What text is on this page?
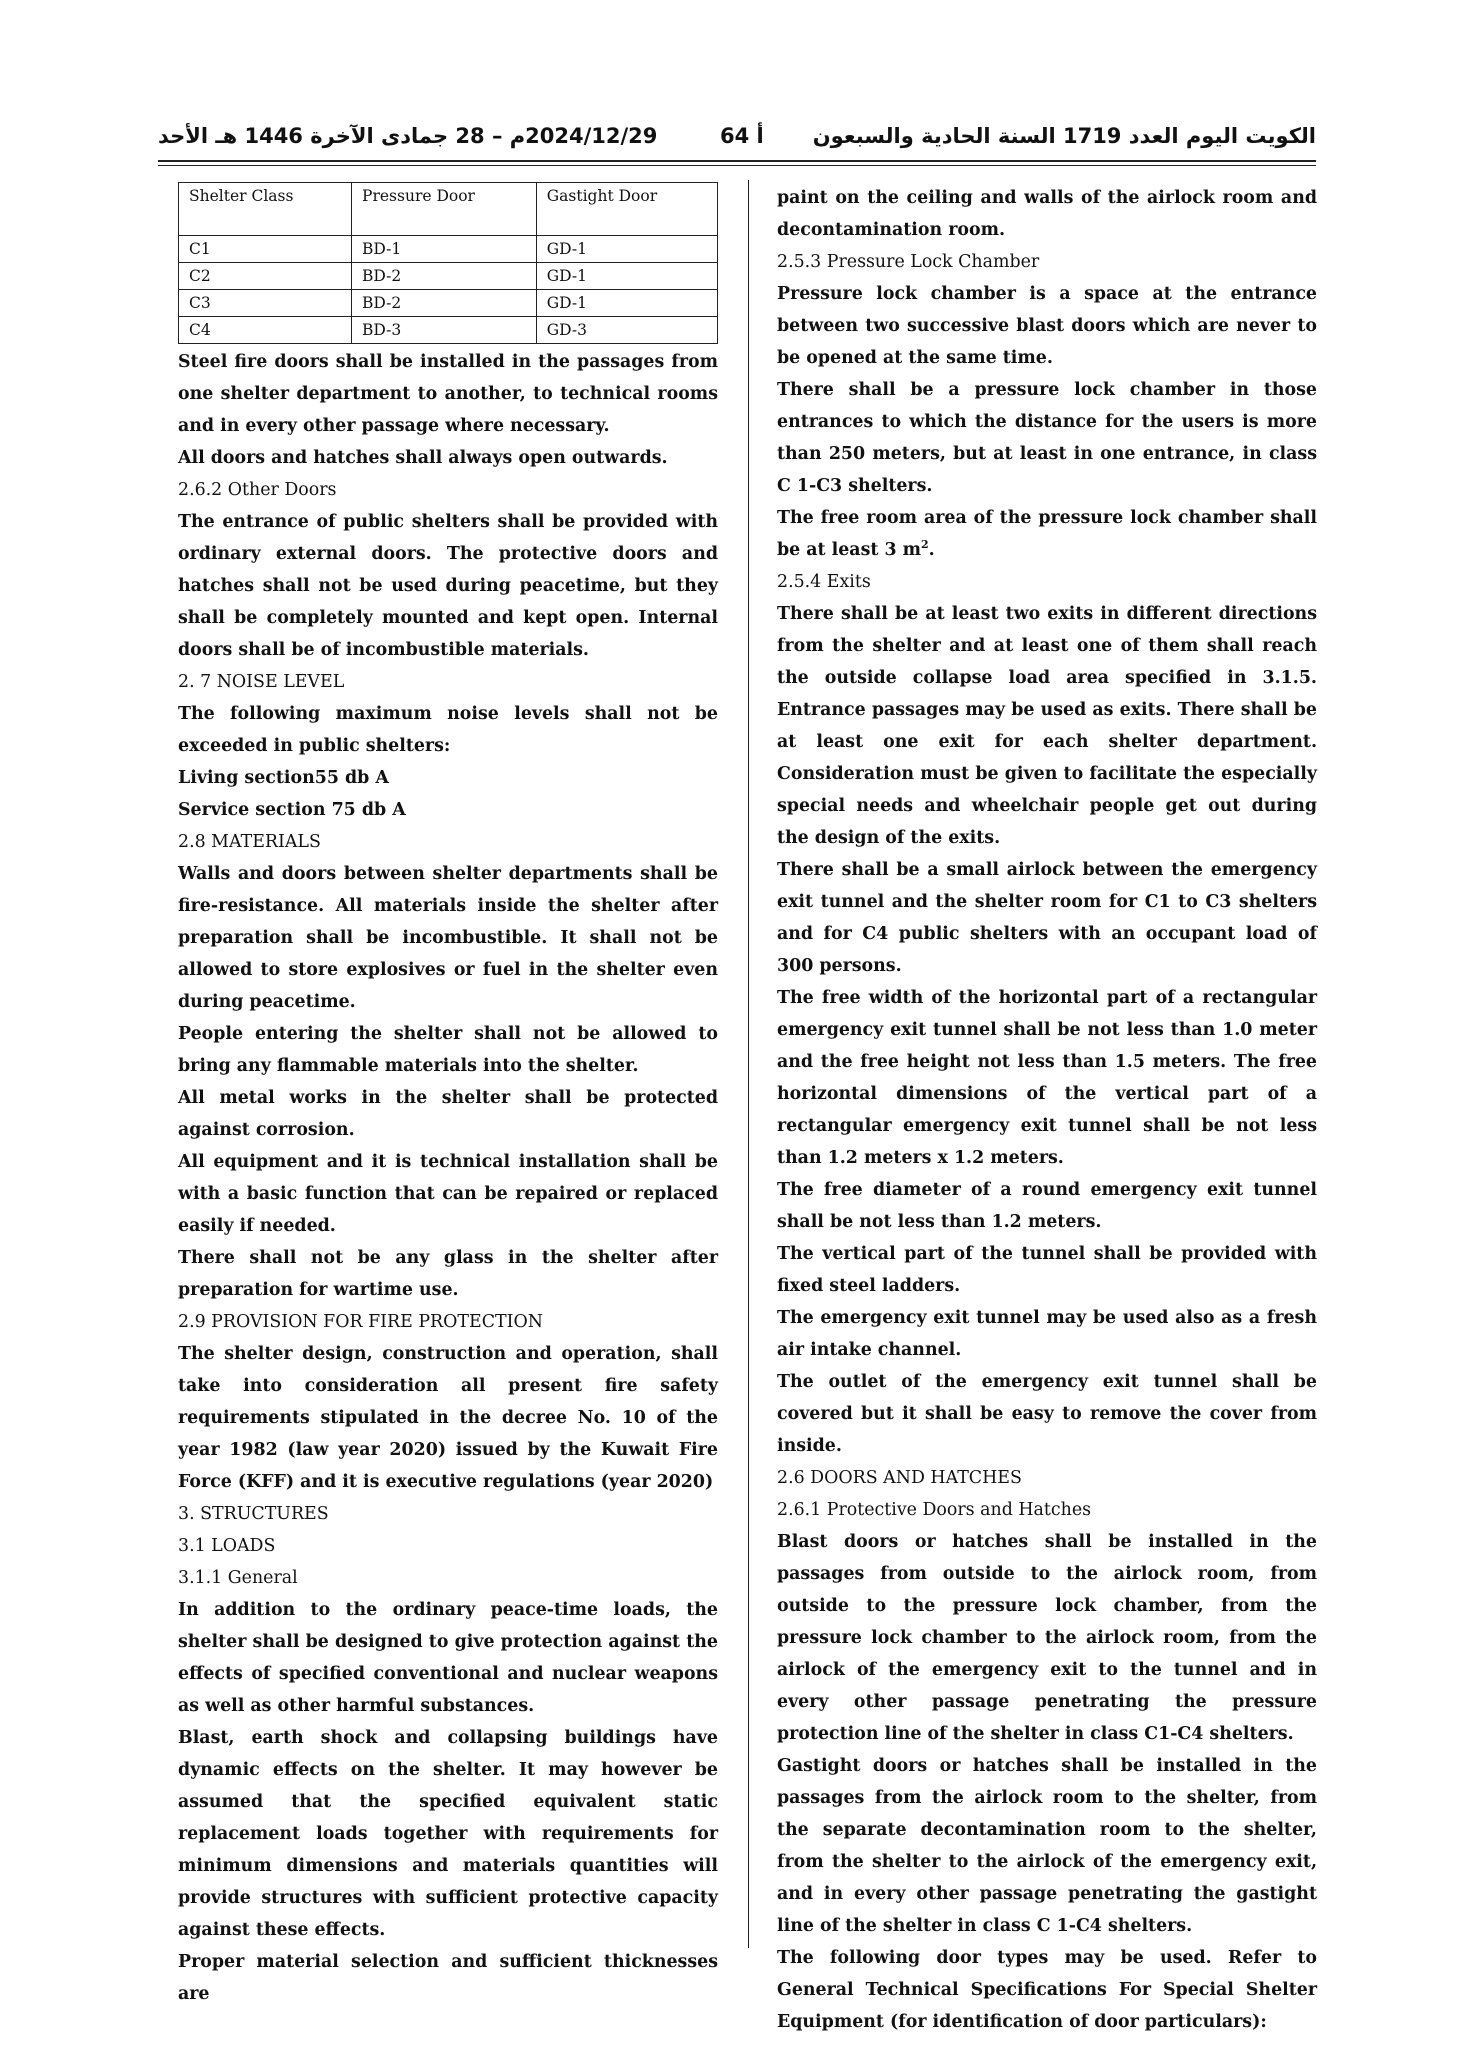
2024/12/29م – 28 جمادى الآخرة 1446 هـ الأحد	أ 64 الكويت اليوم العدد 1719 السنة الحادية والسبعون
Shelter Class	Pressure Door	Gastight Door
C1	BD-1	GD-1
C2	BD-2	GD-1
C3	BD-2	GD-1
C4	BD-3	GD-3

Steel fire doors shall be installed in the passages from one shelter department to another, to technical rooms and in every other passage where necessary.

All doors and hatches shall always open outwards.

2.6.2 Other Doors

The entrance of public shelters shall be provided with ordinary external doors. The protective doors and hatches shall not be used during peacetime, but they shall be completely mounted and kept open. Internal doors shall be of incombustible materials.

2. 7 NOISE LEVEL

The following maximum noise levels shall not be exceeded in public shelters:

Living section55 db A

Service section 75 db A

2.8 MATERIALS

Walls and doors between shelter departments shall be fire-resistance. All materials inside the shelter after preparation shall be incombustible. It shall not be allowed to store explosives or fuel in the shelter even during peacetime.

People entering the shelter shall not be allowed to bring any flammable materials into the shelter.

All metal works in the shelter shall be protected against corrosion.

All equipment and it is technical installation shall be with a basic function that can be repaired or replaced easily if needed.

There shall not be any glass in the shelter after preparation for wartime use.

2.9 PROVISION FOR FIRE PROTECTION

The shelter design, construction and operation, shall take into consideration all present fire safety requirements stipulated in the decree No. 10 of the year 1982 (law year 2020) issued by the Kuwait Fire Force (KFF) and it is executive regulations (year 2020)

3. STRUCTURES

3.1 LOADS

3.1.1 General

In addition to the ordinary peace-time loads, the shelter shall be designed to give protection against the effects of specified conventional and nuclear weapons as well as other harmful substances.

Blast, earth shock and collapsing buildings have dynamic effects on the shelter. It may however be assumed that the specified equivalent static replacement loads together with requirements for minimum dimensions and materials quantities will provide structures with sufficient protective capacity against these effects.

Proper material selection and sufficient thicknesses are

paint on the ceiling and walls of the airlock room and decontamination room.

2.5.3 Pressure Lock Chamber

Pressure lock chamber is a space at the entrance between two successive blast doors which are never to be opened at the same time.

There shall be a pressure lock chamber in those entrances to which the distance for the users is more than 250 meters, but at least in one entrance, in class C 1-C3 shelters.

The free room area of the pressure lock chamber shall be at least 3 $m^2$.

2.5.4 Exits

There shall be at least two exits in different directions from the shelter and at least one of them shall reach the outside collapse load area specified in 3.1.5. Entrance passages may be used as exits. There shall be at least one exit for each shelter department. Consideration must be given to facilitate the especially special needs and wheelchair people get out during the design of the exits.

There shall be a small airlock between the emergency exit tunnel and the shelter room for C1 to C3 shelters and for C4 public shelters with an occupant load of 300 persons.

The free width of the horizontal part of a rectangular emergency exit tunnel shall be not less than 1.0 meter and the free height not less than 1.5 meters. The free horizontal dimensions of the vertical part of a rectangular emergency exit tunnel shall be not less than 1.2 meters x 1.2 meters.

The free diameter of a round emergency exit tunnel shall be not less than 1.2 meters.

The vertical part of the tunnel shall be provided with fixed steel ladders.

The emergency exit tunnel may be used also as a fresh air intake channel.

The outlet of the emergency exit tunnel shall be covered but it shall be easy to remove the cover from inside.

2.6 DOORS AND HATCHES

2.6.1 Protective Doors and Hatches

Blast doors or hatches shall be installed in the passages from outside to the airlock room, from outside to the pressure lock chamber, from the pressure lock chamber to the airlock room, from the airlock of the emergency exit to the tunnel and in every other passage penetrating the pressure protection line of the shelter in class C1-C4 shelters.

Gastight doors or hatches shall be installed in the passages from the airlock room to the shelter, from the separate decontamination room to the shelter, from the shelter to the airlock of the emergency exit, and in every other passage penetrating the gastight line of the shelter in class C 1-C4 shelters.

The following door types may be used. Refer to General Technical Specifications For Special Shelter Equipment (for identification of door particulars):
